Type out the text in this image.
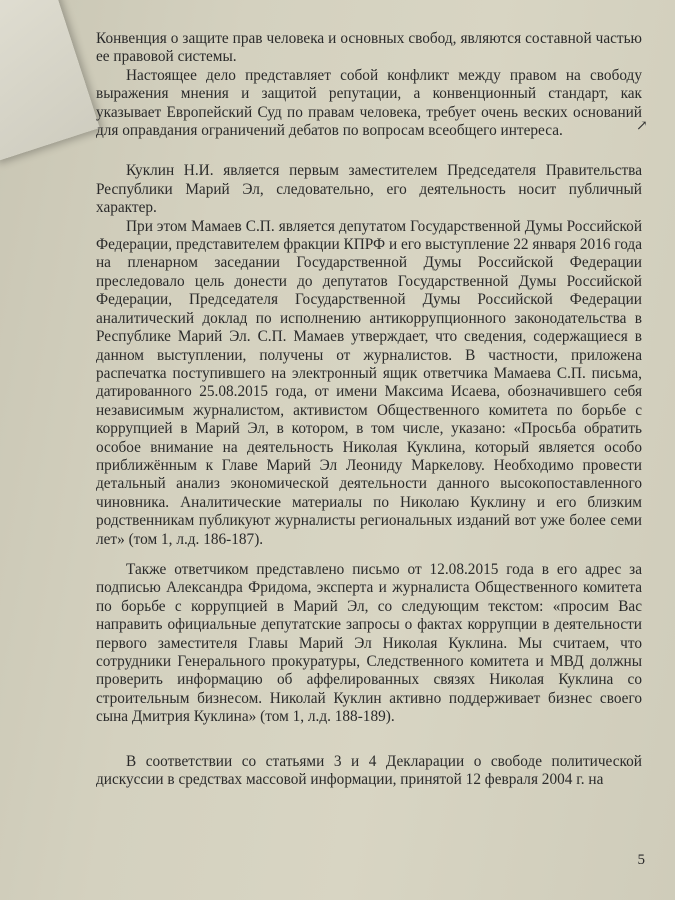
Конвенция о защите прав человека и основных свобод, являются составной частью ее правовой системы.

Настоящее дело представляет собой конфликт между правом на свободу выражения мнения и защитой репутации, а конвенционный стандарт, как указывает Европейский Суд по правам человека, требует очень веских оснований для оправдания ограничений дебатов по вопросам всеобщего интереса.

Куклин Н.И. является первым заместителем Председателя Правительства Республики Марий Эл, следовательно, его деятельность носит публичный характер.

При этом Мамаев С.П. является депутатом Государственной Думы Российской Федерации, представителем фракции КПРФ и его выступление 22 января 2016 года на пленарном заседании Государственной Думы Российской Федерации преследовало цель донести до депутатов Государственной Думы Российской Федерации, Председателя Государственной Думы Российской Федерации аналитический доклад по исполнению антикоррупционного законодательства в Республике Марий Эл. С.П. Мамаев утверждает, что сведения, содержащиеся в данном выступлении, получены от журналистов. В частности, приложена распечатка поступившего на электронный ящик ответчика Мамаева С.П. письма, датированного 25.08.2015 года, от имени Максима Исаева, обозначившего себя независимым журналистом, активистом Общественного комитета по борьбе с коррупцией в Марий Эл, в котором, в том числе, указано: «Просьба обратить особое внимание на деятельность Николая Куклина, который является особо приближённым к Главе Марий Эл Леониду Маркелову. Необходимо провести детальный анализ экономической деятельности данного высокопоставленного чиновника. Аналитические материалы по Николаю Куклину и его близким родственникам публикуют журналисты региональных изданий вот уже более семи лет» (том 1, л.д. 186-187).

Также ответчиком представлено письмо от 12.08.2015 года в его адрес за подписью Александра Фридома, эксперта и журналиста Общественного комитета по борьбе с коррупцией в Марий Эл, со следующим текстом: «просим Вас направить официальные депутатские запросы о фактах коррупции в деятельности первого заместителя Главы Марий Эл Николая Куклина. Мы считаем, что сотрудники Генерального прокуратуры, Следственного комитета и МВД должны проверить информацию об аффелированных связях Николая Куклина со строительным бизнесом. Николай Куклин активно поддерживает бизнес своего сына Дмитрия Куклина» (том 1, л.д. 188-189).

В соответствии со статьями 3 и 4 Декларации о свободе политической дискуссии в средствах массовой информации, принятой 12 февраля 2004 г. на

↗
5
